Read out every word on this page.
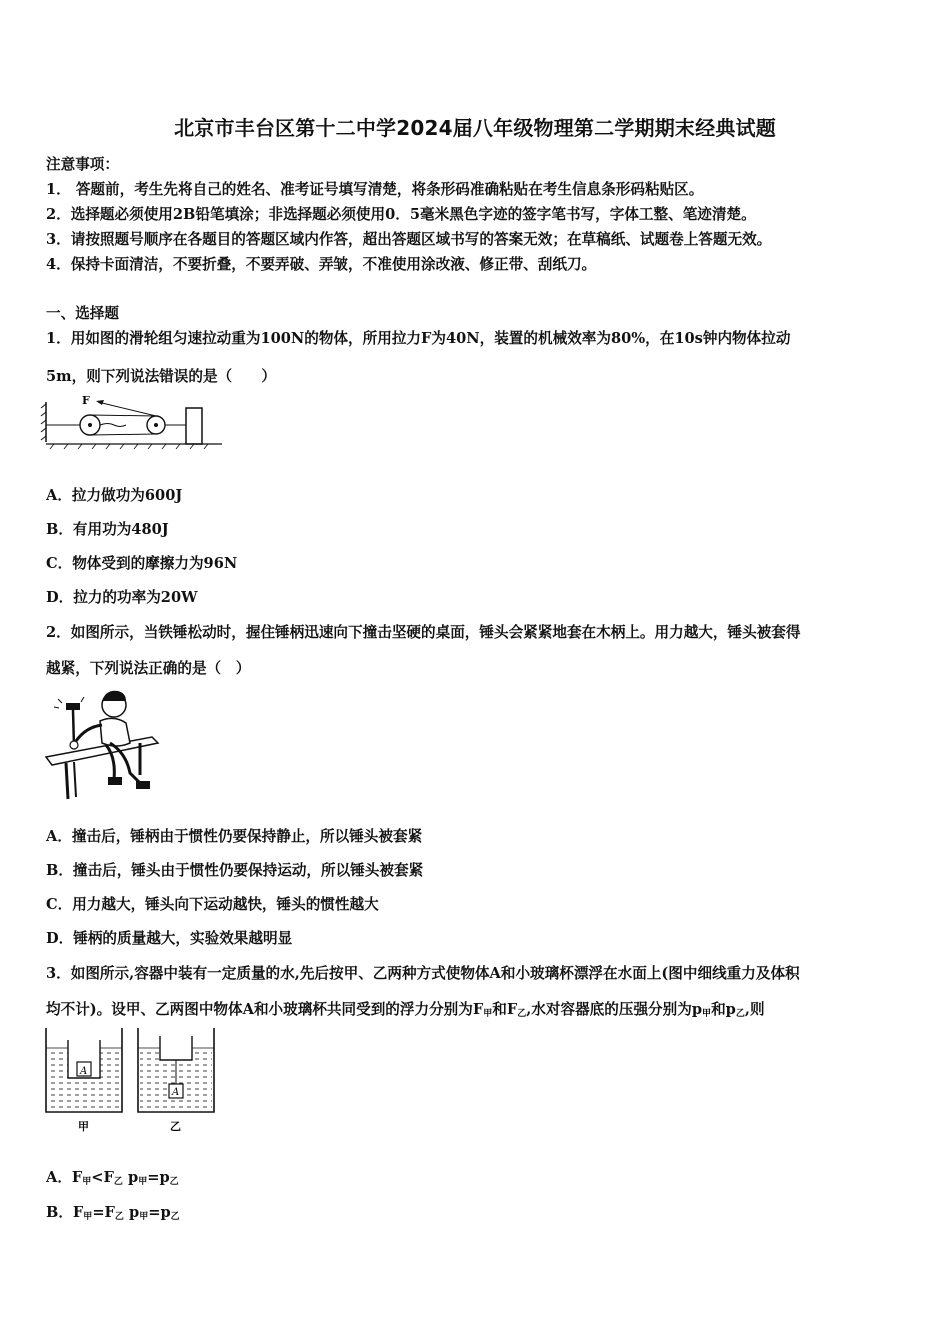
北京市丰台区第十二中学2024届八年级物理第二学期期末经典试题
注意事项：
1． 答题前，考生先将自己的姓名、准考证号填写清楚，将条形码准确粘贴在考生信息条形码粘贴区。
2．选择题必须使用2B铅笔填涂；非选择题必须使用0．5毫米黑色字迹的签字笔书写，字体工整、笔迹清楚。
3．请按照题号顺序在各题目的答题区域内作答，超出答题区域书写的答案无效；在草稿纸、试题卷上答题无效。
4．保持卡面清洁，不要折叠，不要弄破、弄皱，不准使用涂改液、修正带、刮纸刀。
一、选择题
1．用如图的滑轮组匀速拉动重为100N的物体，所用拉力F为40N，装置的机械效率为80%，在10s钟内物体拉动
5m，则下列说法错误的是（　　）
F
A．拉力做功为600J
B．有用功为480J
C．物体受到的摩擦力为96N
D．拉力的功率为20W
2．如图所示，当铁锤松动时，握住锤柄迅速向下撞击坚硬的桌面，锤头会紧紧地套在木柄上。用力越大，锤头被套得
越紧，下列说法正确的是（　）
A．撞击后，锤柄由于惯性仍要保持静止，所以锤头被套紧
B．撞击后，锤头由于惯性仍要保持运动，所以锤头被套紧
C．用力越大，锤头向下运动越快，锤头的惯性越大
D．锤柄的质量越大，实验效果越明显
3．如图所示,容器中装有一定质量的水,先后按甲、乙两种方式使物体A和小玻璃杯漂浮在水面上(图中细线重力及体积
均不计)。设甲、乙两图中物体A和小玻璃杯共同受到的浮力分别为$F_甲$和$F_乙$,水对容器底的压强分别为$p_甲$和$p_乙$,则
A
甲
A
乙
A．$F_甲<F_乙$ $p_甲=p_乙$
B．$F_甲=F_乙$ $p_甲=p_乙$
